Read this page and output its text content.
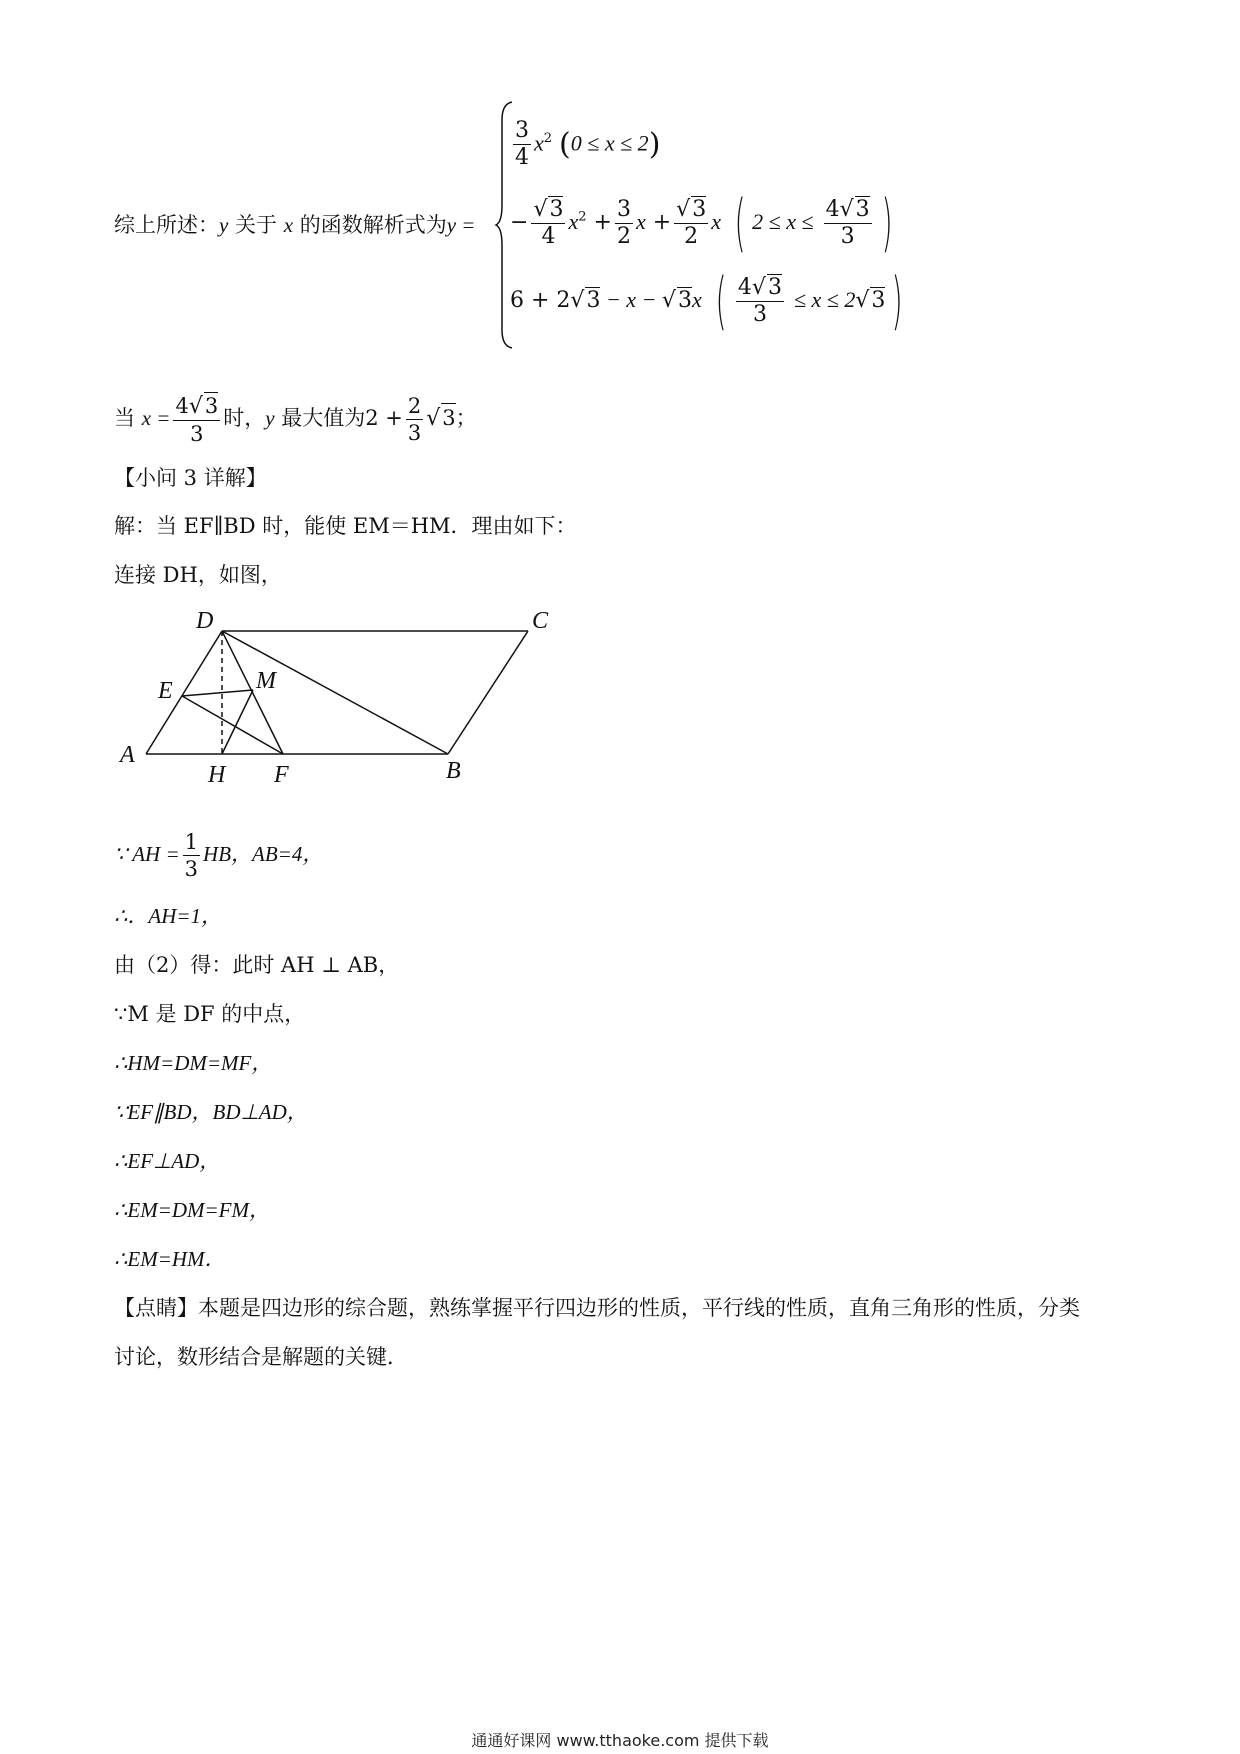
综上所述：y 关于 x 的函数解析式为y =
$\frac{3}{4} x^2$ (0 ≤ x ≤ 2)
− $\frac{√3}{4} x^2 + \frac{3}{2}$ $x + \frac{√3}{2}$ x ( $2 \le x \le \frac{4√3}{3}$ )
6 + 2√3 − x − √3x ( $\frac{4√3}{3} \le x \le 2√3$ )
当 $x = \frac{4√3}{3}$ 时，y 最大值为$2 + \frac{2}{3} √3$；
【小问 3 详解】
解：当 EF∥BD 时，能使 EM＝HM．理由如下：
连接 DH，如图，
D	C
E	M
A
H F	B
∵ AH = $\frac{1}{3}$ HB，AB=4，
∴．AH=1，
由（2）得：此时 AH ⊥ AB，
∵M 是 DF 的中点，
∴HM=DM=MF，
∵EF∥BD，BD⊥AD，
∴EF⊥AD，
∴EM=DM=FM，
∴EM=HM．
【点睛】本题是四边形的综合题，熟练掌握平行四边形的性质，平行线的性质，直角三角形的性质，分类
讨论，数形结合是解题的关键．
通通好课网 www.tthaoke.com 提供下载
